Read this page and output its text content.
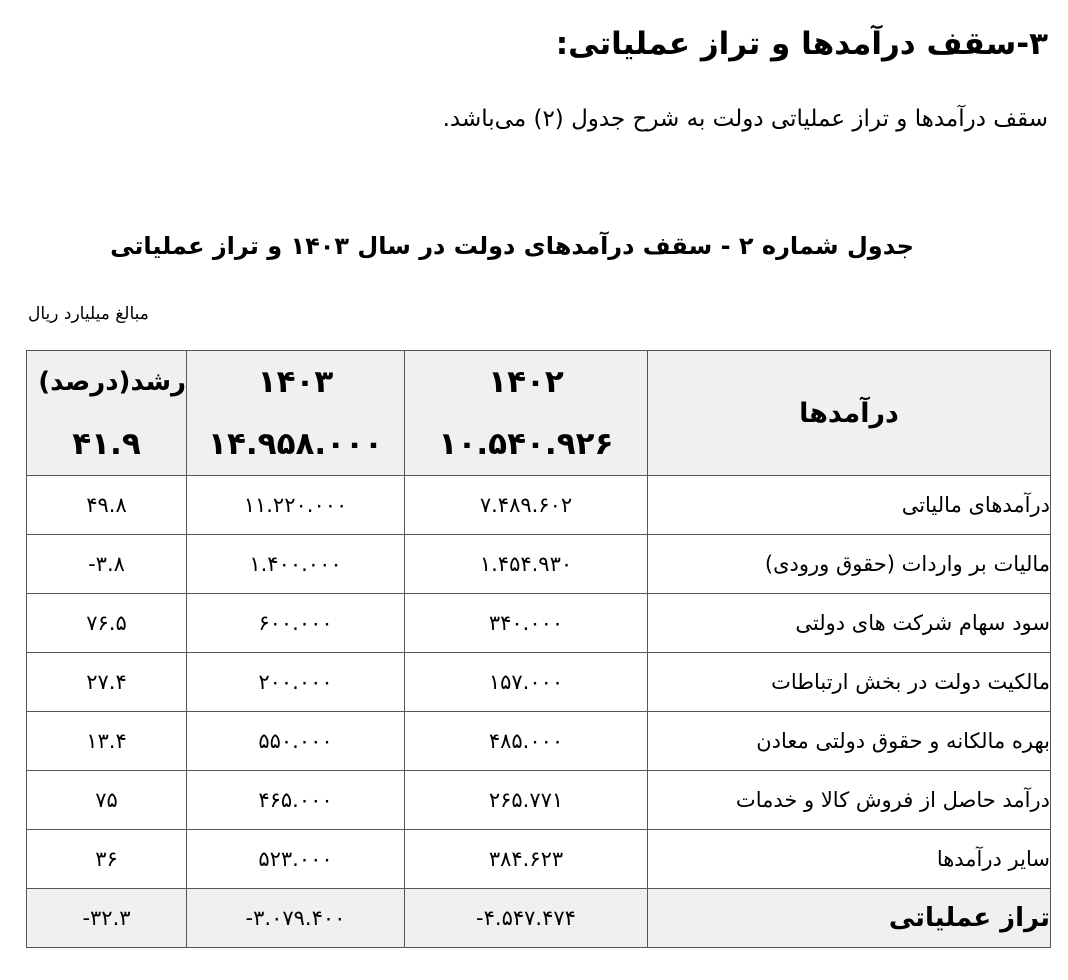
۳-سقف درآمدها و تراز عملیاتی:

سقف درآمدها و تراز عملیاتی دولت به شرح جدول (۲) می‌باشد.

جدول شماره ۲ - سقف درآمدهای دولت در سال ۱۴۰۳ و تراز عملیاتی
مبالغ میلیارد ریال
درآمدها	۱۴۰۲	۱۴۰۳	رشد(درصد)
	۱۰.۵۴۰.۹۲۶	۱۴.۹۵۸.۰۰۰	۴۱.۹
درآمدهای مالیاتی	۷.۴۸۹.۶۰۲	۱۱.۲۲۰.۰۰۰	۴۹.۸
مالیات بر واردات (حقوق ورودی)	۱.۴۵۴.۹۳۰	۱.۴۰۰.۰۰۰	-۳.۸
سود سهام شرکت های دولتی	۳۴۰.۰۰۰	۶۰۰.۰۰۰	۷۶.۵
مالکیت دولت در بخش ارتباطات	۱۵۷.۰۰۰	۲۰۰.۰۰۰	۲۷.۴
بهره مالکانه و حقوق دولتی معادن	۴۸۵.۰۰۰	۵۵۰.۰۰۰	۱۳.۴
درآمد حاصل از فروش کالا و خدمات	۲۶۵.۷۷۱	۴۶۵.۰۰۰	۷۵
سایر درآمدها	۳۸۴.۶۲۳	۵۲۳.۰۰۰	۳۶
تراز عملیاتی	-۴.۵۴۷.۴۷۴	-۳.۰۷۹.۴۰۰	-۳۲.۳
